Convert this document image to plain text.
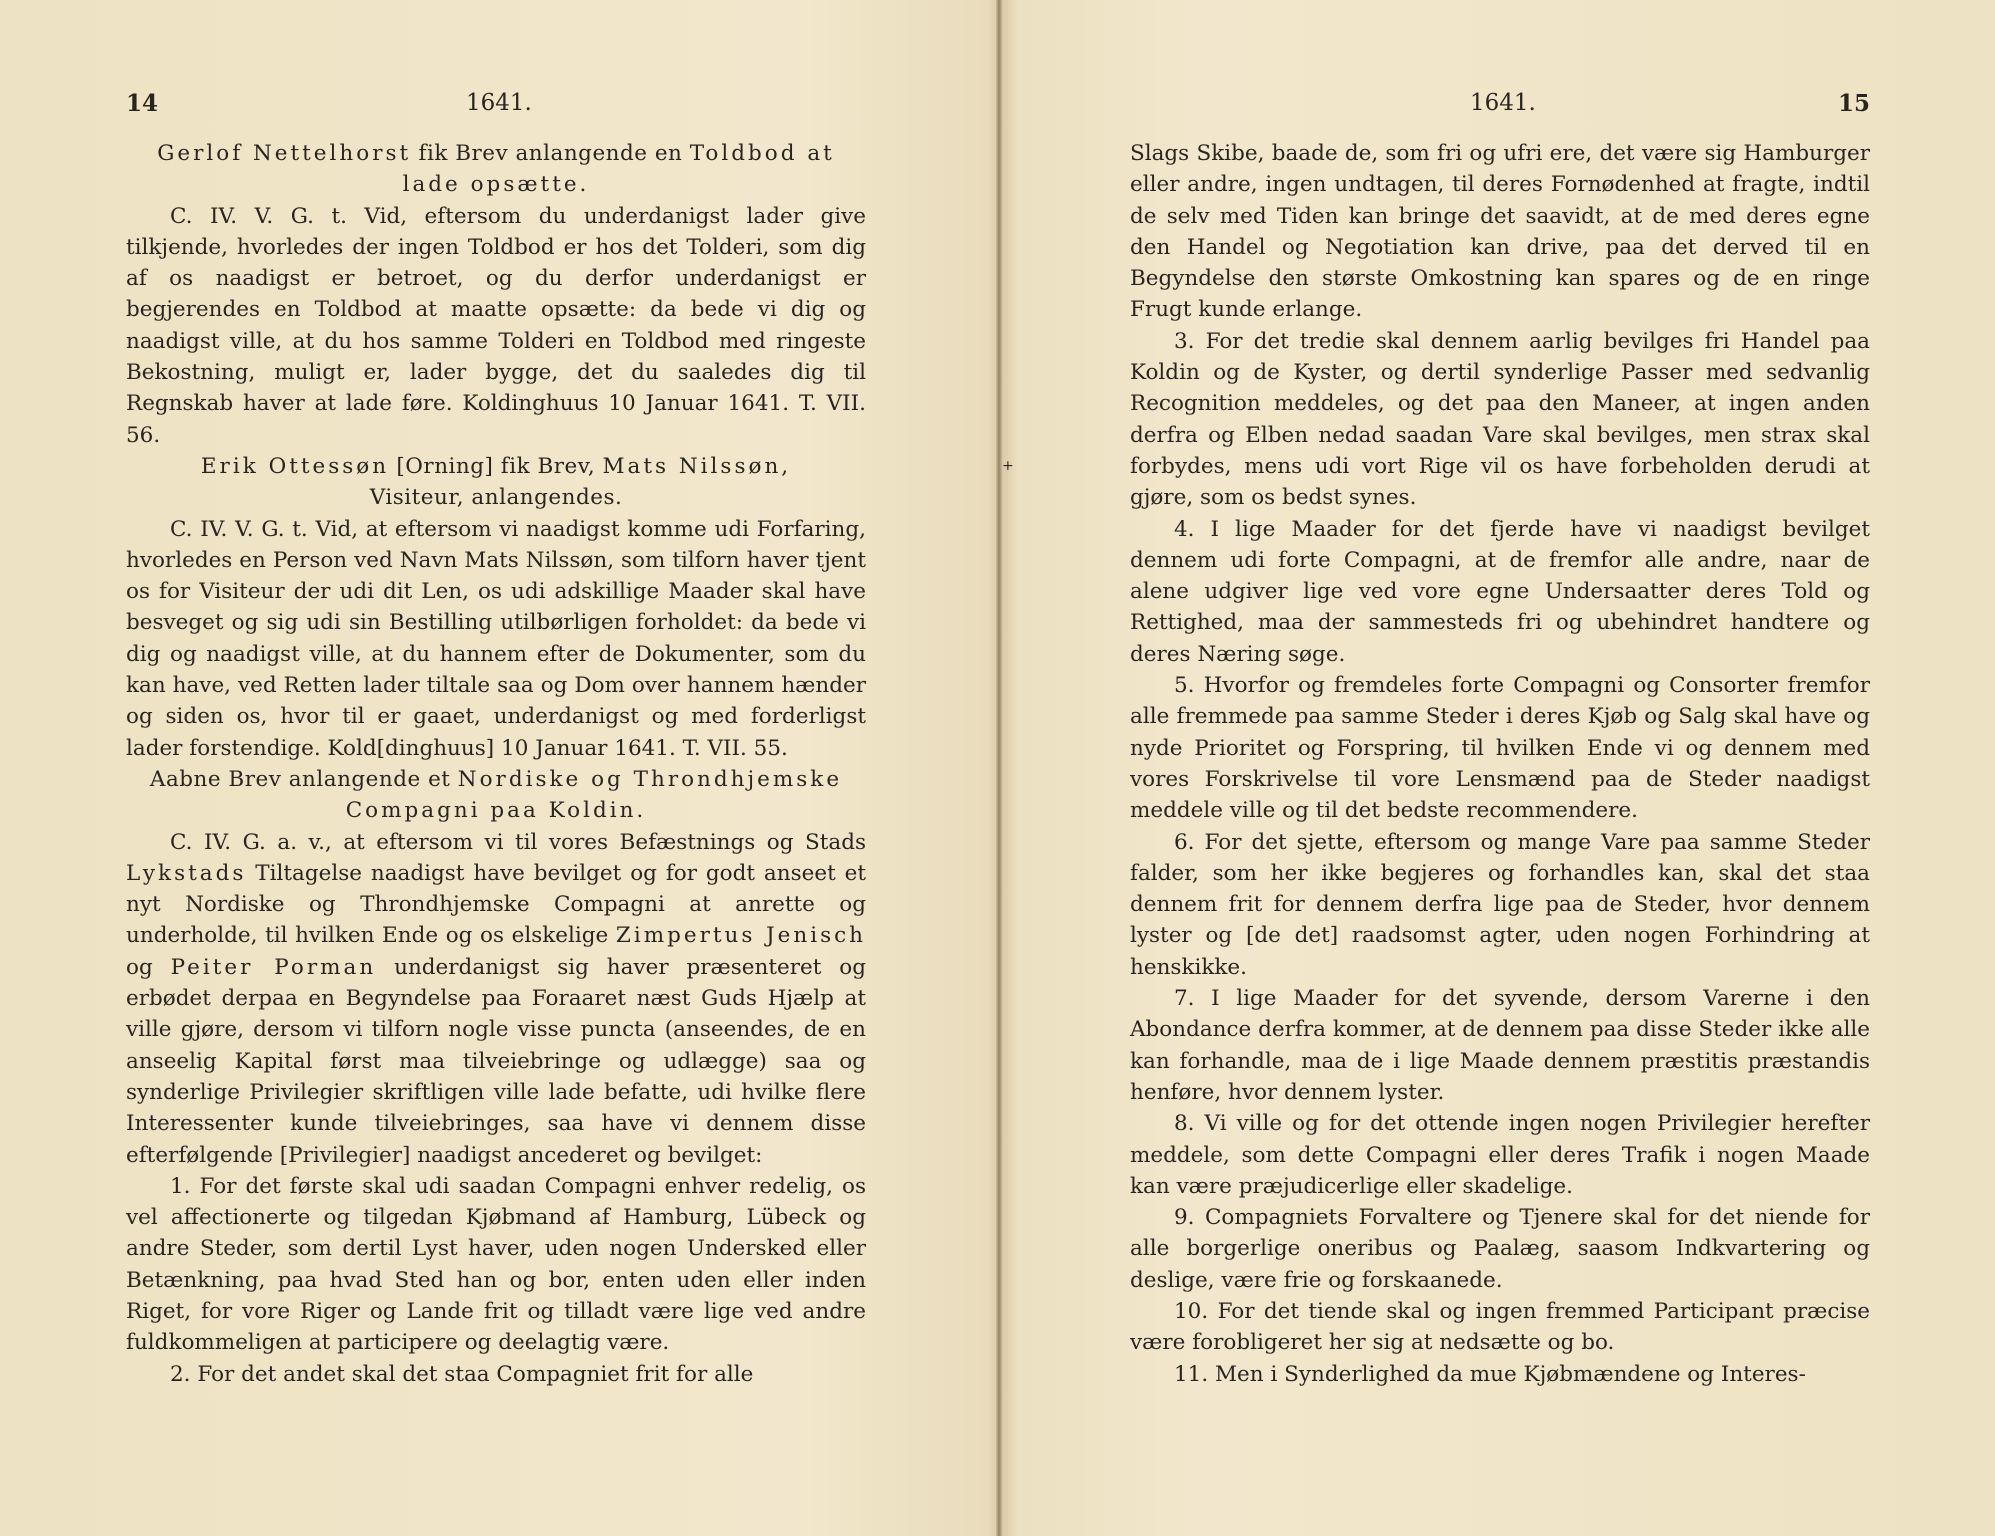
+
14	1641.
Gerlof Nettelhorst fik Brev anlangende en Toldbod at
lade opsætte.

C. IV. V. G. t. Vid, eftersom du underdanigst lader give tilkjende, hvorledes der ingen Toldbod er hos det Tolderi, som dig af os naadigst er betroet, og du derfor underdanigst er begjerendes en Toldbod at maatte opsætte: da bede vi dig og naadigst ville, at du hos samme Tolderi en Toldbod med ringeste Bekostning, muligt er, lader bygge, det du saaledes dig til Regnskab haver at lade føre. Koldinghuus 10 Januar 1641. T. VII. 56.

Erik Ottessøn [Orning] fik Brev, Mats Nilssøn,
Visiteur, anlangendes.

C. IV. V. G. t. Vid, at eftersom vi naadigst komme udi Forfaring, hvorledes en Person ved Navn Mats Nilssøn, som tilforn haver tjent os for Visiteur der udi dit Len, os udi adskillige Maader skal have besveget og sig udi sin Bestilling utilbørligen forholdet: da bede vi dig og naadigst ville, at du hannem efter de Dokumenter, som du kan have, ved Retten lader tiltale saa og Dom over hannem hænder og siden os, hvor til er gaaet, underdanigst og med forderligst lader forstendige. Kold[dinghuus] 10 Januar 1641. T. VII. 55.

Aabne Brev anlangende et Nordiske og Throndhjemske
Compagni paa Koldin.

C. IV. G. a. v., at eftersom vi til vores Befæstnings og Stads Lykstads Tiltagelse naadigst have bevilget og for godt anseet et nyt Nordiske og Throndhjemske Compagni at anrette og underholde, til hvilken Ende og os elskelige Zimpertus Jenisch og Peiter Porman underdanigst sig haver præsenteret og erbødet derpaa en Begyndelse paa Foraaret næst Guds Hjælp at ville gjøre, dersom vi tilforn nogle visse puncta (anseendes, de en anseelig Kapital først maa tilveiebringe og udlægge) saa og synderlige Privilegier skriftligen ville lade befatte, udi hvilke flere Interessenter kunde tilveiebringes, saa have vi dennem disse efterfølgende [Privilegier] naadigst ancederet og bevilget:

1. For det første skal udi saadan Compagni enhver redelig, os vel affectionerte og tilgedan Kjøbmand af Hamburg, Lübeck og andre Steder, som dertil Lyst haver, uden nogen Undersked eller Betænkning, paa hvad Sted han og bor, enten uden eller inden Riget, for vore Riger og Lande frit og tilladt være lige ved andre fuldkommeligen at participere og deelagtig være.

2. For det andet skal det staa Compagniet frit for alle

1641.	15

Slags Skibe, baade de, som fri og ufri ere, det være sig Hamburger eller andre, ingen undtagen, til deres Fornødenhed at fragte, indtil de selv med Tiden kan bringe det saavidt, at de med deres egne den Handel og Negotiation kan drive, paa det derved til en Begyndelse den største Omkostning kan spares og de en ringe Frugt kunde erlange.

3. For det tredie skal dennem aarlig bevilges fri Handel paa Koldin og de Kyster, og dertil synderlige Passer med sedvanlig Recognition meddeles, og det paa den Maneer, at ingen anden derfra og Elben nedad saadan Vare skal bevilges, men strax skal forbydes, mens udi vort Rige vil os have forbeholden derudi at gjøre, som os bedst synes.

4. I lige Maader for det fjerde have vi naadigst bevilget dennem udi forte Compagni, at de fremfor alle andre, naar de alene udgiver lige ved vore egne Undersaatter deres Told og Rettighed, maa der sammesteds fri og ubehindret handtere og deres Næring søge.

5. Hvorfor og fremdeles forte Compagni og Consorter fremfor alle fremmede paa samme Steder i deres Kjøb og Salg skal have og nyde Prioritet og Forspring, til hvilken Ende vi og dennem med vores Forskrivelse til vore Lensmænd paa de Steder naadigst meddele ville og til det bedste recommendere.

6. For det sjette, eftersom og mange Vare paa samme Steder falder, som her ikke begjeres og forhandles kan, skal det staa dennem frit for dennem derfra lige paa de Steder, hvor dennem lyster og [de det] raadsomst agter, uden nogen Forhindring at henskikke.

7. I lige Maader for det syvende, dersom Varerne i den Abondance derfra kommer, at de dennem paa disse Steder ikke alle kan forhandle, maa de i lige Maade dennem præstitis præstandis henføre, hvor dennem lyster.

8. Vi ville og for det ottende ingen nogen Privilegier herefter meddele, som dette Compagni eller deres Trafik i nogen Maade kan være præjudicerlige eller skadelige.

9. Compagniets Forvaltere og Tjenere skal for det niende for alle borgerlige oneribus og Paalæg, saasom Indkvartering og deslige, være frie og forskaanede.

10. For det tiende skal og ingen fremmed Participant præcise være forobligeret her sig at nedsætte og bo.

11. Men i Synderlighed da mue Kjøbmændene og Interes-
